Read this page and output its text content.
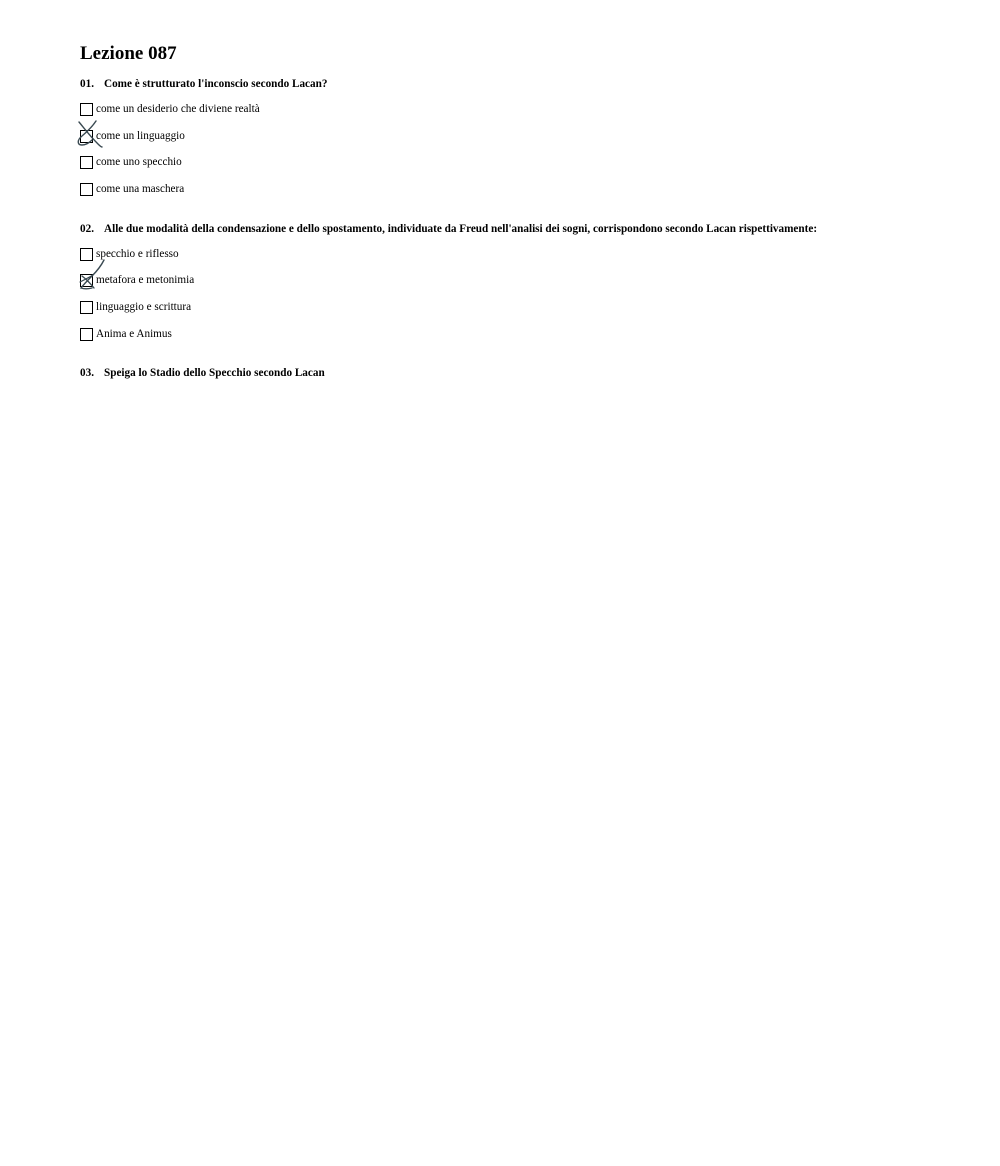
Lezione 087
01. Come è strutturato l'inconscio secondo Lacan?
come un desiderio che diviene realtà
come un linguaggio
come uno specchio
come una maschera
02. Alle due modalità della condensazione e dello spostamento, individuate da Freud nell'analisi dei sogni, corrispondono secondo Lacan rispettivamente:
specchio e riflesso
metafora e metonimia
linguaggio e scrittura
Anima e Animus
03. Speiga lo Stadio dello Specchio secondo Lacan
